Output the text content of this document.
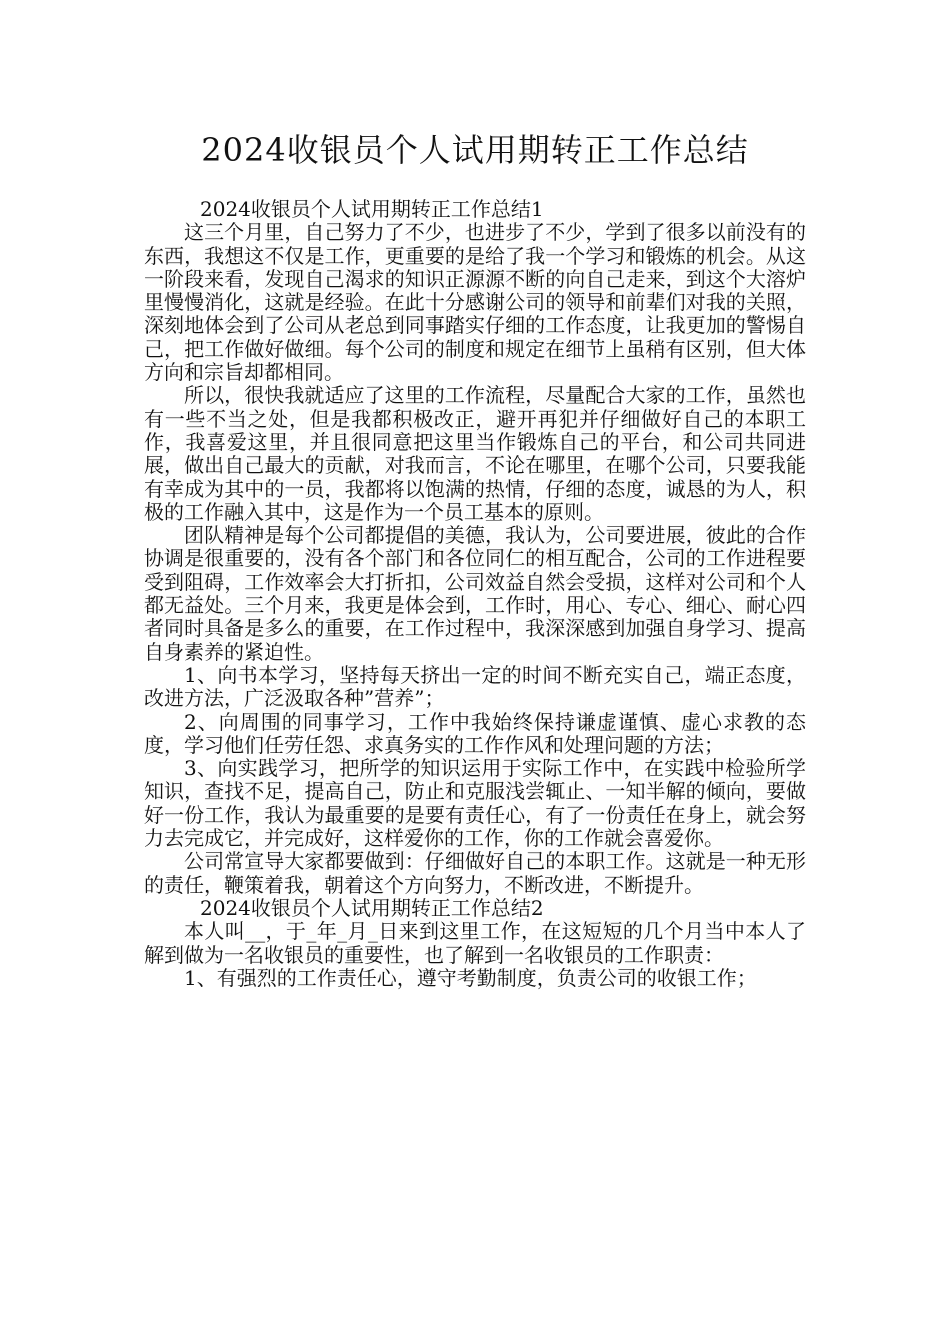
2024收银员个人试用期转正工作总结

2024收银员个人试用期转正工作总结1

这三个月里，自己努力了不少，也进步了不少，学到了很多以前没有的东西，我想这不仅是工作，更重要的是给了我一个学习和锻炼的机会。从这一阶段来看，发现自己渴求的知识正源源不断的向自己走来，到这个大溶炉里慢慢消化，这就是经验。在此十分感谢公司的领导和前辈们对我的关照，深刻地体会到了公司从老总到同事踏实仔细的工作态度，让我更加的警惕自己，把工作做好做细。每个公司的制度和规定在细节上虽稍有区别，但大体方向和宗旨却都相同。

所以，很快我就适应了这里的工作流程，尽量配合大家的工作，虽然也有一些不当之处，但是我都积极改正，避开再犯并仔细做好自己的本职工作，我喜爱这里，并且很同意把这里当作锻炼自己的平台，和公司共同进展，做出自己最大的贡献，对我而言，不论在哪里，在哪个公司，只要我能有幸成为其中的一员，我都将以饱满的热情，仔细的态度，诚恳的为人，积极的工作融入其中，这是作为一个员工基本的原则。

团队精神是每个公司都提倡的美德，我认为，公司要进展，彼此的合作协调是很重要的，没有各个部门和各位同仁的相互配合，公司的工作进程要受到阻碍，工作效率会大打折扣，公司效益自然会受损，这样对公司和个人都无益处。三个月来，我更是体会到，工作时，用心、专心、细心、耐心四者同时具备是多么的重要，在工作过程中，我深深感到加强自身学习、提高自身素养的紧迫性。

1、向书本学习，坚持每天挤出一定的时间不断充实自己，端正态度，改进方法，广泛汲取各种”营养”；

2、向周围的同事学习，工作中我始终保持谦虚谨慎、虚心求教的态度，学习他们任劳任怨、求真务实的工作作风和处理问题的方法；

3、向实践学习，把所学的知识运用于实际工作中，在实践中检验所学知识，查找不足，提高自己，防止和克服浅尝辄止、一知半解的倾向，要做好一份工作，我认为最重要的是要有责任心，有了一份责任在身上，就会努力去完成它，并完成好，这样爱你的工作，你的工作就会喜爱你。

公司常宣导大家都要做到：仔细做好自己的本职工作。这就是一种无形的责任，鞭策着我，朝着这个方向努力，不断改进，不断提升。

2024收银员个人试用期转正工作总结2

本人叫__，于_年_月_日来到这里工作，在这短短的几个月当中本人了解到做为一名收银员的重要性，也了解到一名收银员的工作职责：

1、有强烈的工作责任心，遵守考勤制度，负责公司的收银工作；
